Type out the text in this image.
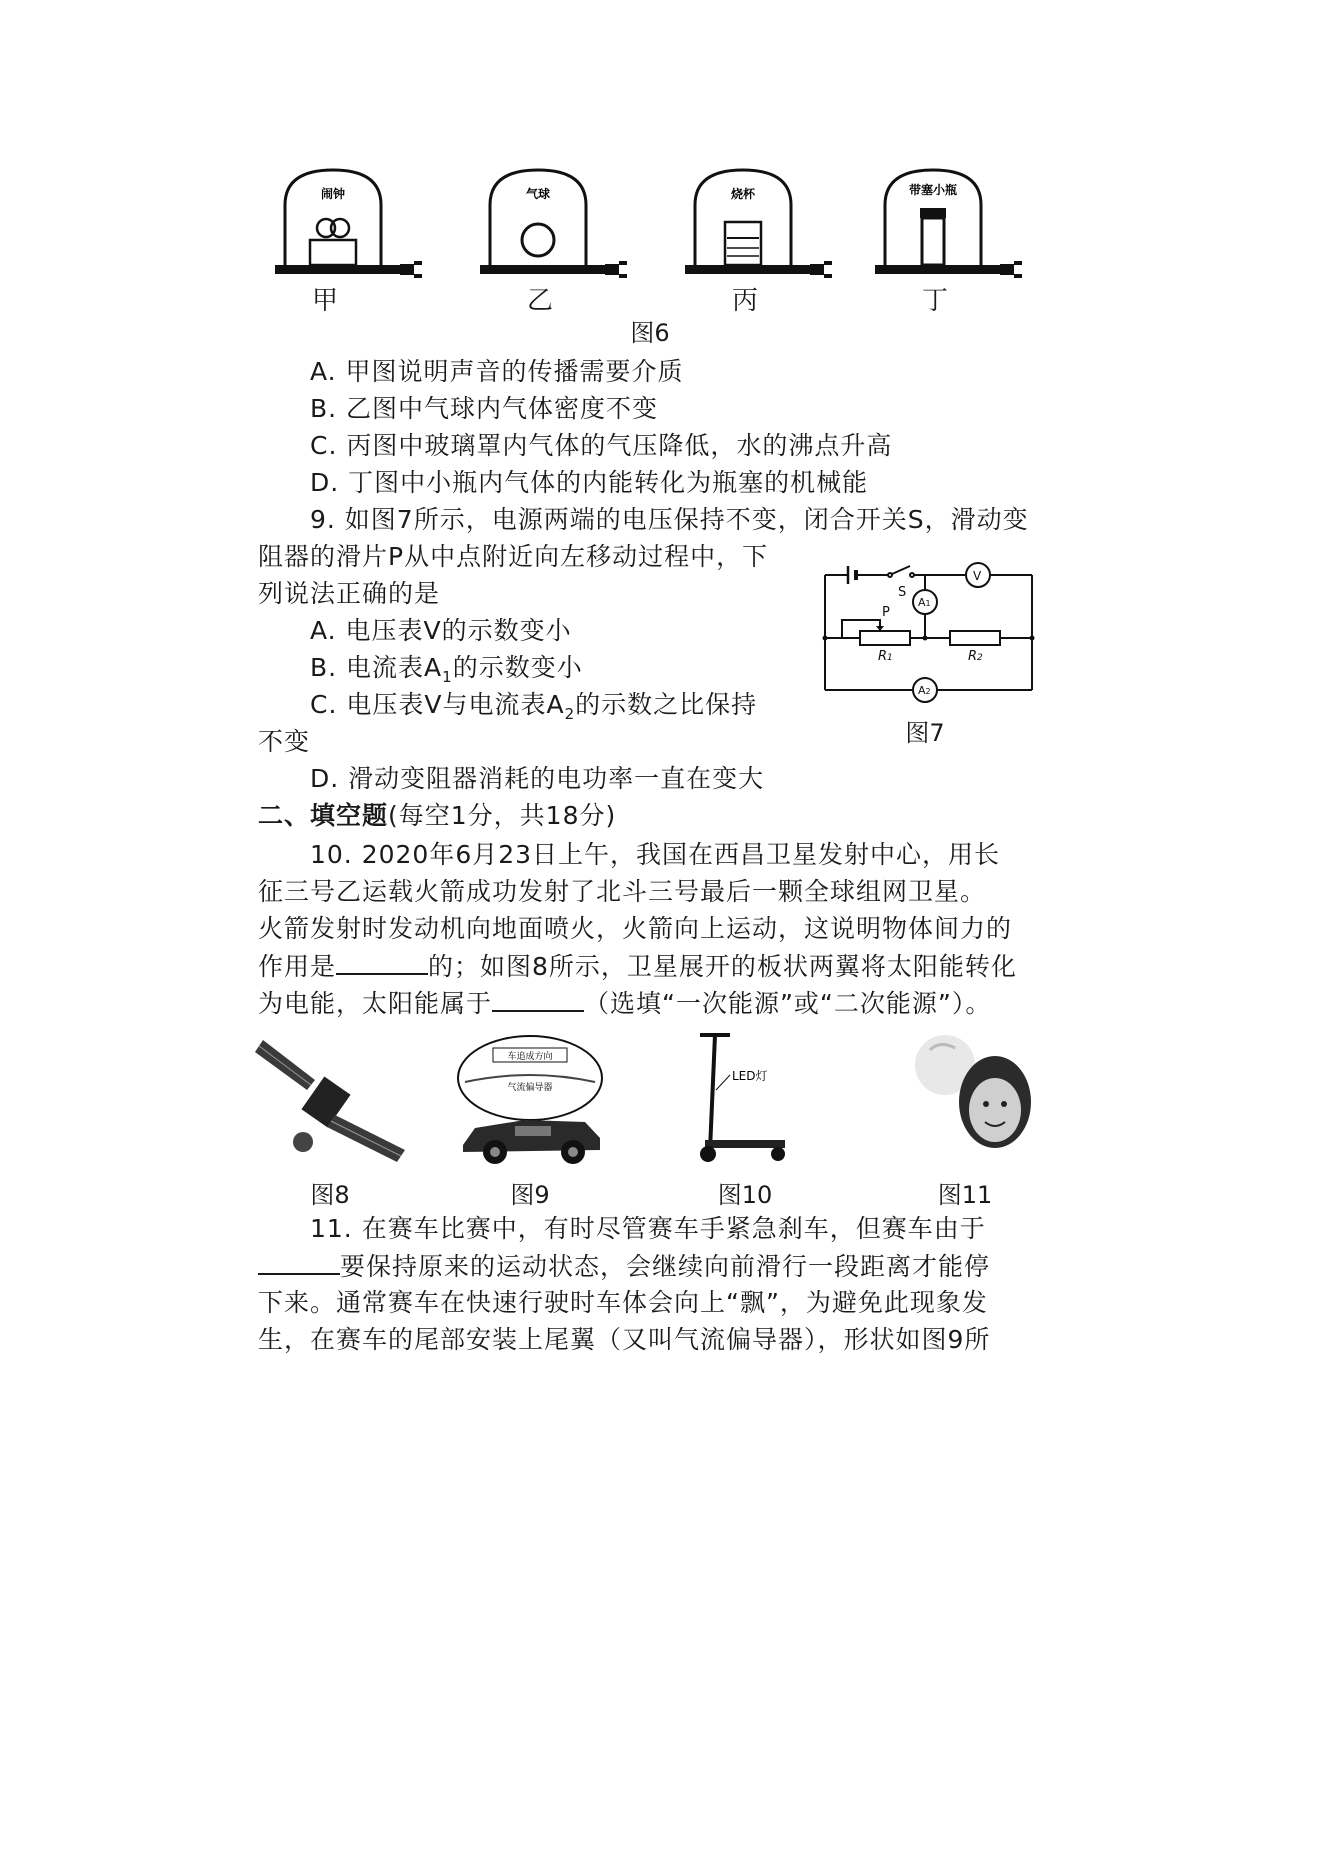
闹钟	气球	烧杯	带塞小瓶
甲	乙	丙	丁
图6
A. 甲图说明声音的传播需要介质
B. 乙图中气球内气体密度不变
C. 丙图中玻璃罩内气体的气压降低，水的沸点升高
D. 丁图中小瓶内气体的内能转化为瓶塞的机械能
9. 如图7所示，电源两端的电压保持不变，闭合开关S，滑动变
阻器的滑片P从中点附近向左移动过程中，下
列说法正确的是
A. 电压表V的示数变小
B. 电流表$A_1$的示数变小
C. 电压表V与电流表$A_2$的示数之比保持
不变
D. 滑动变阻器消耗的电功率一直在变大
S
P
V
A1
A2
R1	R2
图7
二、填空题(每空1分，共18分)
10. 2020年6月23日上午，我国在西昌卫星发射中心，用长
征三号乙运载火箭成功发射了北斗三号最后一颗全球组网卫星。
火箭发射时发动机向地面喷火，火箭向上运动，这说明物体间力的
作用是	的；如图8所示，卫星展开的板状两翼将太阳能转化
为电能，太阳能属于	（选填“一次能源”或“二次能源”）。
车追成方向
气流偏导器
LED灯
图8	图9	图10	图11
11. 在赛车比赛中，有时尽管赛车手紧急刹车，但赛车由于
要保持原来的运动状态，会继续向前滑行一段距离才能停
下来。通常赛车在快速行驶时车体会向上“飘”，为避免此现象发
生，在赛车的尾部安装上尾翼（又叫气流偏导器），形状如图9所
